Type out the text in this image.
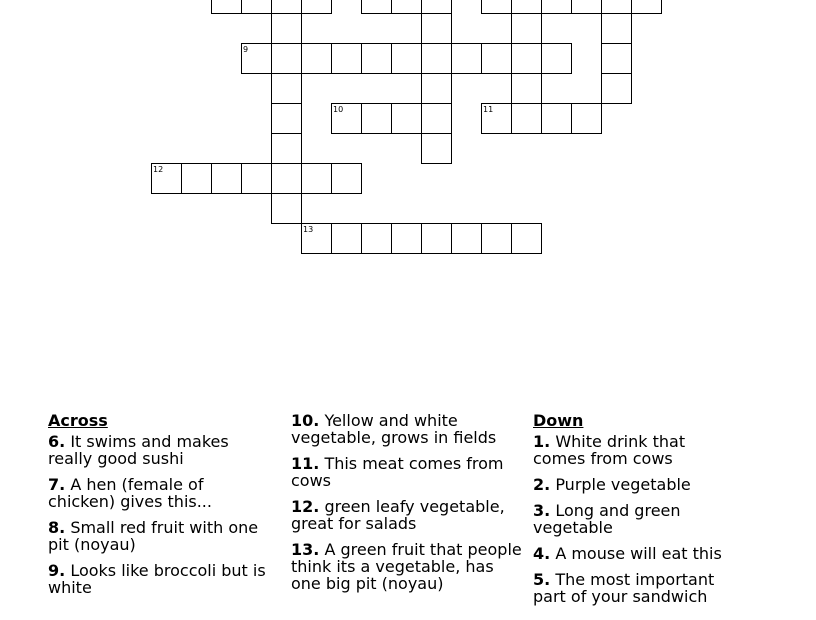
9
10	11
12
13
Across
6. It swims and makes really good sushi
7. A hen (female of chicken) gives this...
8. Small red fruit with one pit (noyau)
9. Looks like broccoli but is white
10. Yellow and white vegetable, grows in fields
11. This meat comes from cows
12. green leafy vegetable, great for salads
13. A green fruit that people think its a vegetable, has one big pit (noyau)
Down
1. White drink that comes from cows
2. Purple vegetable
3. Long and green vegetable
4. A mouse will eat this
5. The most important part of your sandwich
